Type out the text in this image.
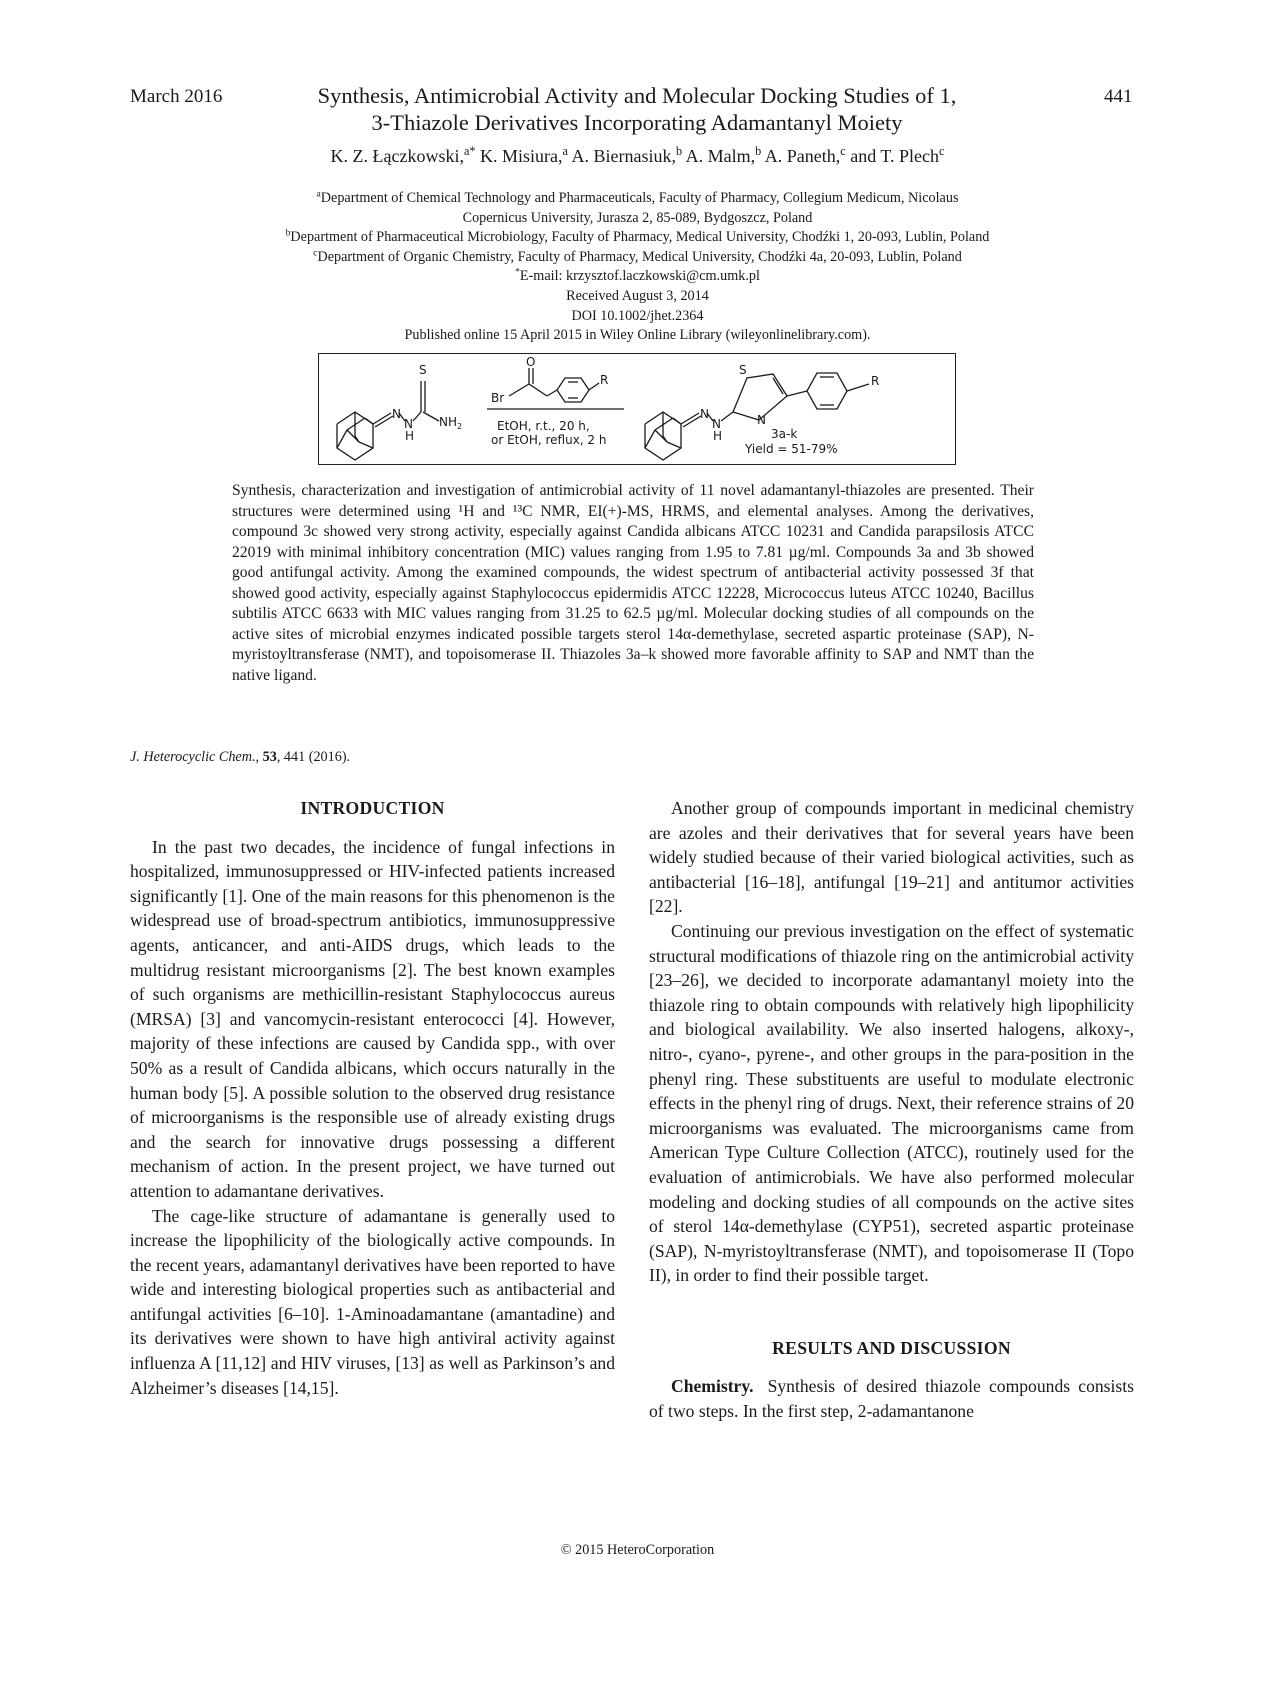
March 2016	441
Synthesis, Antimicrobial Activity and Molecular Docking Studies of 1,
3-Thiazole Derivatives Incorporating Adamantanyl Moiety
K. Z. Łączkowski,$^{a*}$ K. Misiura,$^a$ A. Biernasiuk,$^b$ A. Malm,$^b$ A. Paneth,$^c$ and T. Plech$^c$
$^a$Department of Chemical Technology and Pharmaceuticals, Faculty of Pharmacy, Collegium Medicum, Nicolaus
Copernicus University, Jurasza 2, 85-089, Bydgoszcz, Poland
$^b$Department of Pharmaceutical Microbiology, Faculty of Pharmacy, Medical University, Chodźki 1, 20-093, Lublin, Poland
$^c$Department of Organic Chemistry, Faculty of Pharmacy, Medical University, Chodźki 4a, 20-093, Lublin, Poland
*E-mail: krzysztof.laczkowski@cm.umk.pl
Received August 3, 2014
DOI 10.1002/jhet.2364
Published online 15 April 2015 in Wiley Online Library (wileyonlinelibrary.com).
S
N
N
H
$NH_2$
O
Br
R
EtOH, r.t., 20 h,
or EtOH, reflux, 2 h
N
N
H
S
N
R
3a-k
Yield = 51-79%
Synthesis, characterization and investigation of antimicrobial activity of 11 novel adamantanyl-thiazoles are presented. Their structures were determined using ¹H and ¹³C NMR, EI(+)-MS, HRMS, and elemental analyses. Among the derivatives, compound 3c showed very strong activity, especially against Candida albicans ATCC 10231 and Candida parapsilosis ATCC 22019 with minimal inhibitory concentration (MIC) values ranging from 1.95 to 7.81 µg/ml. Compounds 3a and 3b showed good antifungal activity. Among the examined compounds, the widest spectrum of antibacterial activity possessed 3f that showed good activity, especially against Staphylococcus epidermidis ATCC 12228, Micrococcus luteus ATCC 10240, Bacillus subtilis ATCC 6633 with MIC values ranging from 31.25 to 62.5 µg/ml. Molecular docking studies of all compounds on the active sites of microbial enzymes indicated possible targets sterol 14α-demethylase, secreted aspartic proteinase (SAP), N-myristoyltransferase (NMT), and topoisomerase II. Thiazoles 3a–k showed more favorable affinity to SAP and NMT than the native ligand.
J. Heterocyclic Chem., 53, 441 (2016).
INTRODUCTION

In the past two decades, the incidence of fungal infections in hospitalized, immunosuppressed or HIV-infected patients increased significantly [1]. One of the main reasons for this phenomenon is the widespread use of broad-spectrum antibiotics, immunosuppressive agents, anticancer, and anti-AIDS drugs, which leads to the multidrug resistant microorganisms [2]. The best known examples of such organisms are methicillin-resistant Staphylococcus aureus (MRSA) [3] and vancomycin-resistant enterococci [4]. However, majority of these infections are caused by Candida spp., with over 50% as a result of Candida albicans, which occurs naturally in the human body [5]. A possible solution to the observed drug resistance of microorganisms is the responsible use of already existing drugs and the search for innovative drugs possessing a different mechanism of action. In the present project, we have turned out attention to adamantane derivatives.

The cage-like structure of adamantane is generally used to increase the lipophilicity of the biologically active compounds. In the recent years, adamantanyl derivatives have been reported to have wide and interesting biological properties such as antibacterial and antifungal activities [6–10]. 1-Aminoadamantane (amantadine) and its derivatives were shown to have high antiviral activity against influenza A [11,12] and HIV viruses, [13] as well as Parkinson’s and Alzheimer’s diseases [14,15].

Another group of compounds important in medicinal chemistry are azoles and their derivatives that for several years have been widely studied because of their varied biological activities, such as antibacterial [16–18], antifungal [19–21] and antitumor activities [22].

Continuing our previous investigation on the effect of systematic structural modifications of thiazole ring on the antimicrobial activity [23–26], we decided to incorporate adamantanyl moiety into the thiazole ring to obtain compounds with relatively high lipophilicity and biological availability. We also inserted halogens, alkoxy-, nitro-, cyano-, pyrene-, and other groups in the para-position in the phenyl ring. These substituents are useful to modulate electronic effects in the phenyl ring of drugs. Next, their reference strains of 20 microorganisms was evaluated. The microorganisms came from American Type Culture Collection (ATCC), routinely used for the evaluation of antimicrobials. We have also performed molecular modeling and docking studies of all compounds on the active sites of sterol 14α-demethylase (CYP51), secreted aspartic proteinase (SAP), N-myristoyltransferase (NMT), and topoisomerase II (Topo II), in order to find their possible target.

RESULTS AND DISCUSSION

Chemistry. Synthesis of desired thiazole compounds consists of two steps. In the first step, 2-adamantanone

© 2015 HeteroCorporation
